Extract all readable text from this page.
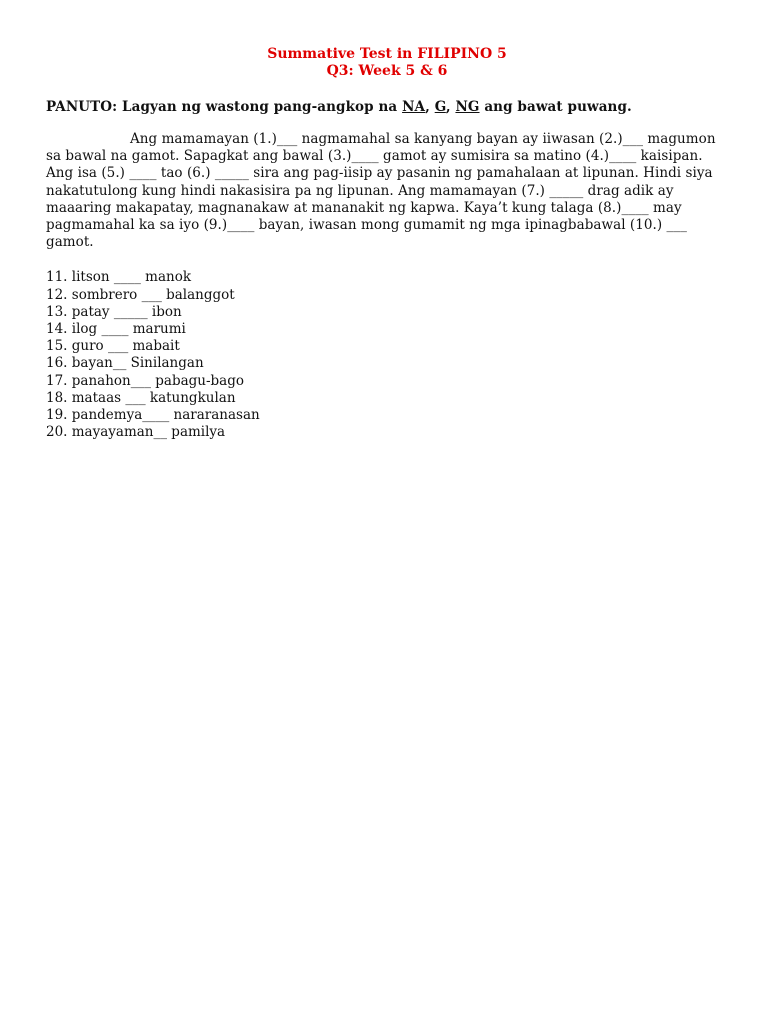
Summative Test in FILIPINO 5

Q3: Week 5 & 6

PANUTO: Lagyan ng wastong pang-angkop na NA, G, NG ang bawat puwang.

Ang mamamayan (1.)___ nagmamahal sa kanyang bayan ay iiwasan (2.)___ magumon sa bawal na gamot. Sapagkat ang bawal (3.)____ gamot ay sumisira sa matino (4.)____ kaisipan. Ang isa (5.) ____ tao (6.) _____ sira ang pag-iisip ay pasanin ng pamahalaan at lipunan. Hindi siya nakatutulong kung hindi nakasisira pa ng lipunan. Ang mamamayan (7.) _____ drag adik ay maaaring makapatay, magnanakaw at mananakit ng kapwa. Kaya’t kung talaga (8.)____ may pagmamahal ka sa iyo (9.)____ bayan, iwasan mong gumamit ng mga ipinagbabawal (10.) ___ gamot.

11. litson ____ manok
12. sombrero ___ balanggot
13. patay _____ ibon
14. ilog ____ marumi
15. guro ___ mabait
16. bayan__ Sinilangan
17. panahon___ pabagu-bago
18. mataas ___ katungkulan
19. pandemya____ nararanasan
20. mayayaman__ pamilya
